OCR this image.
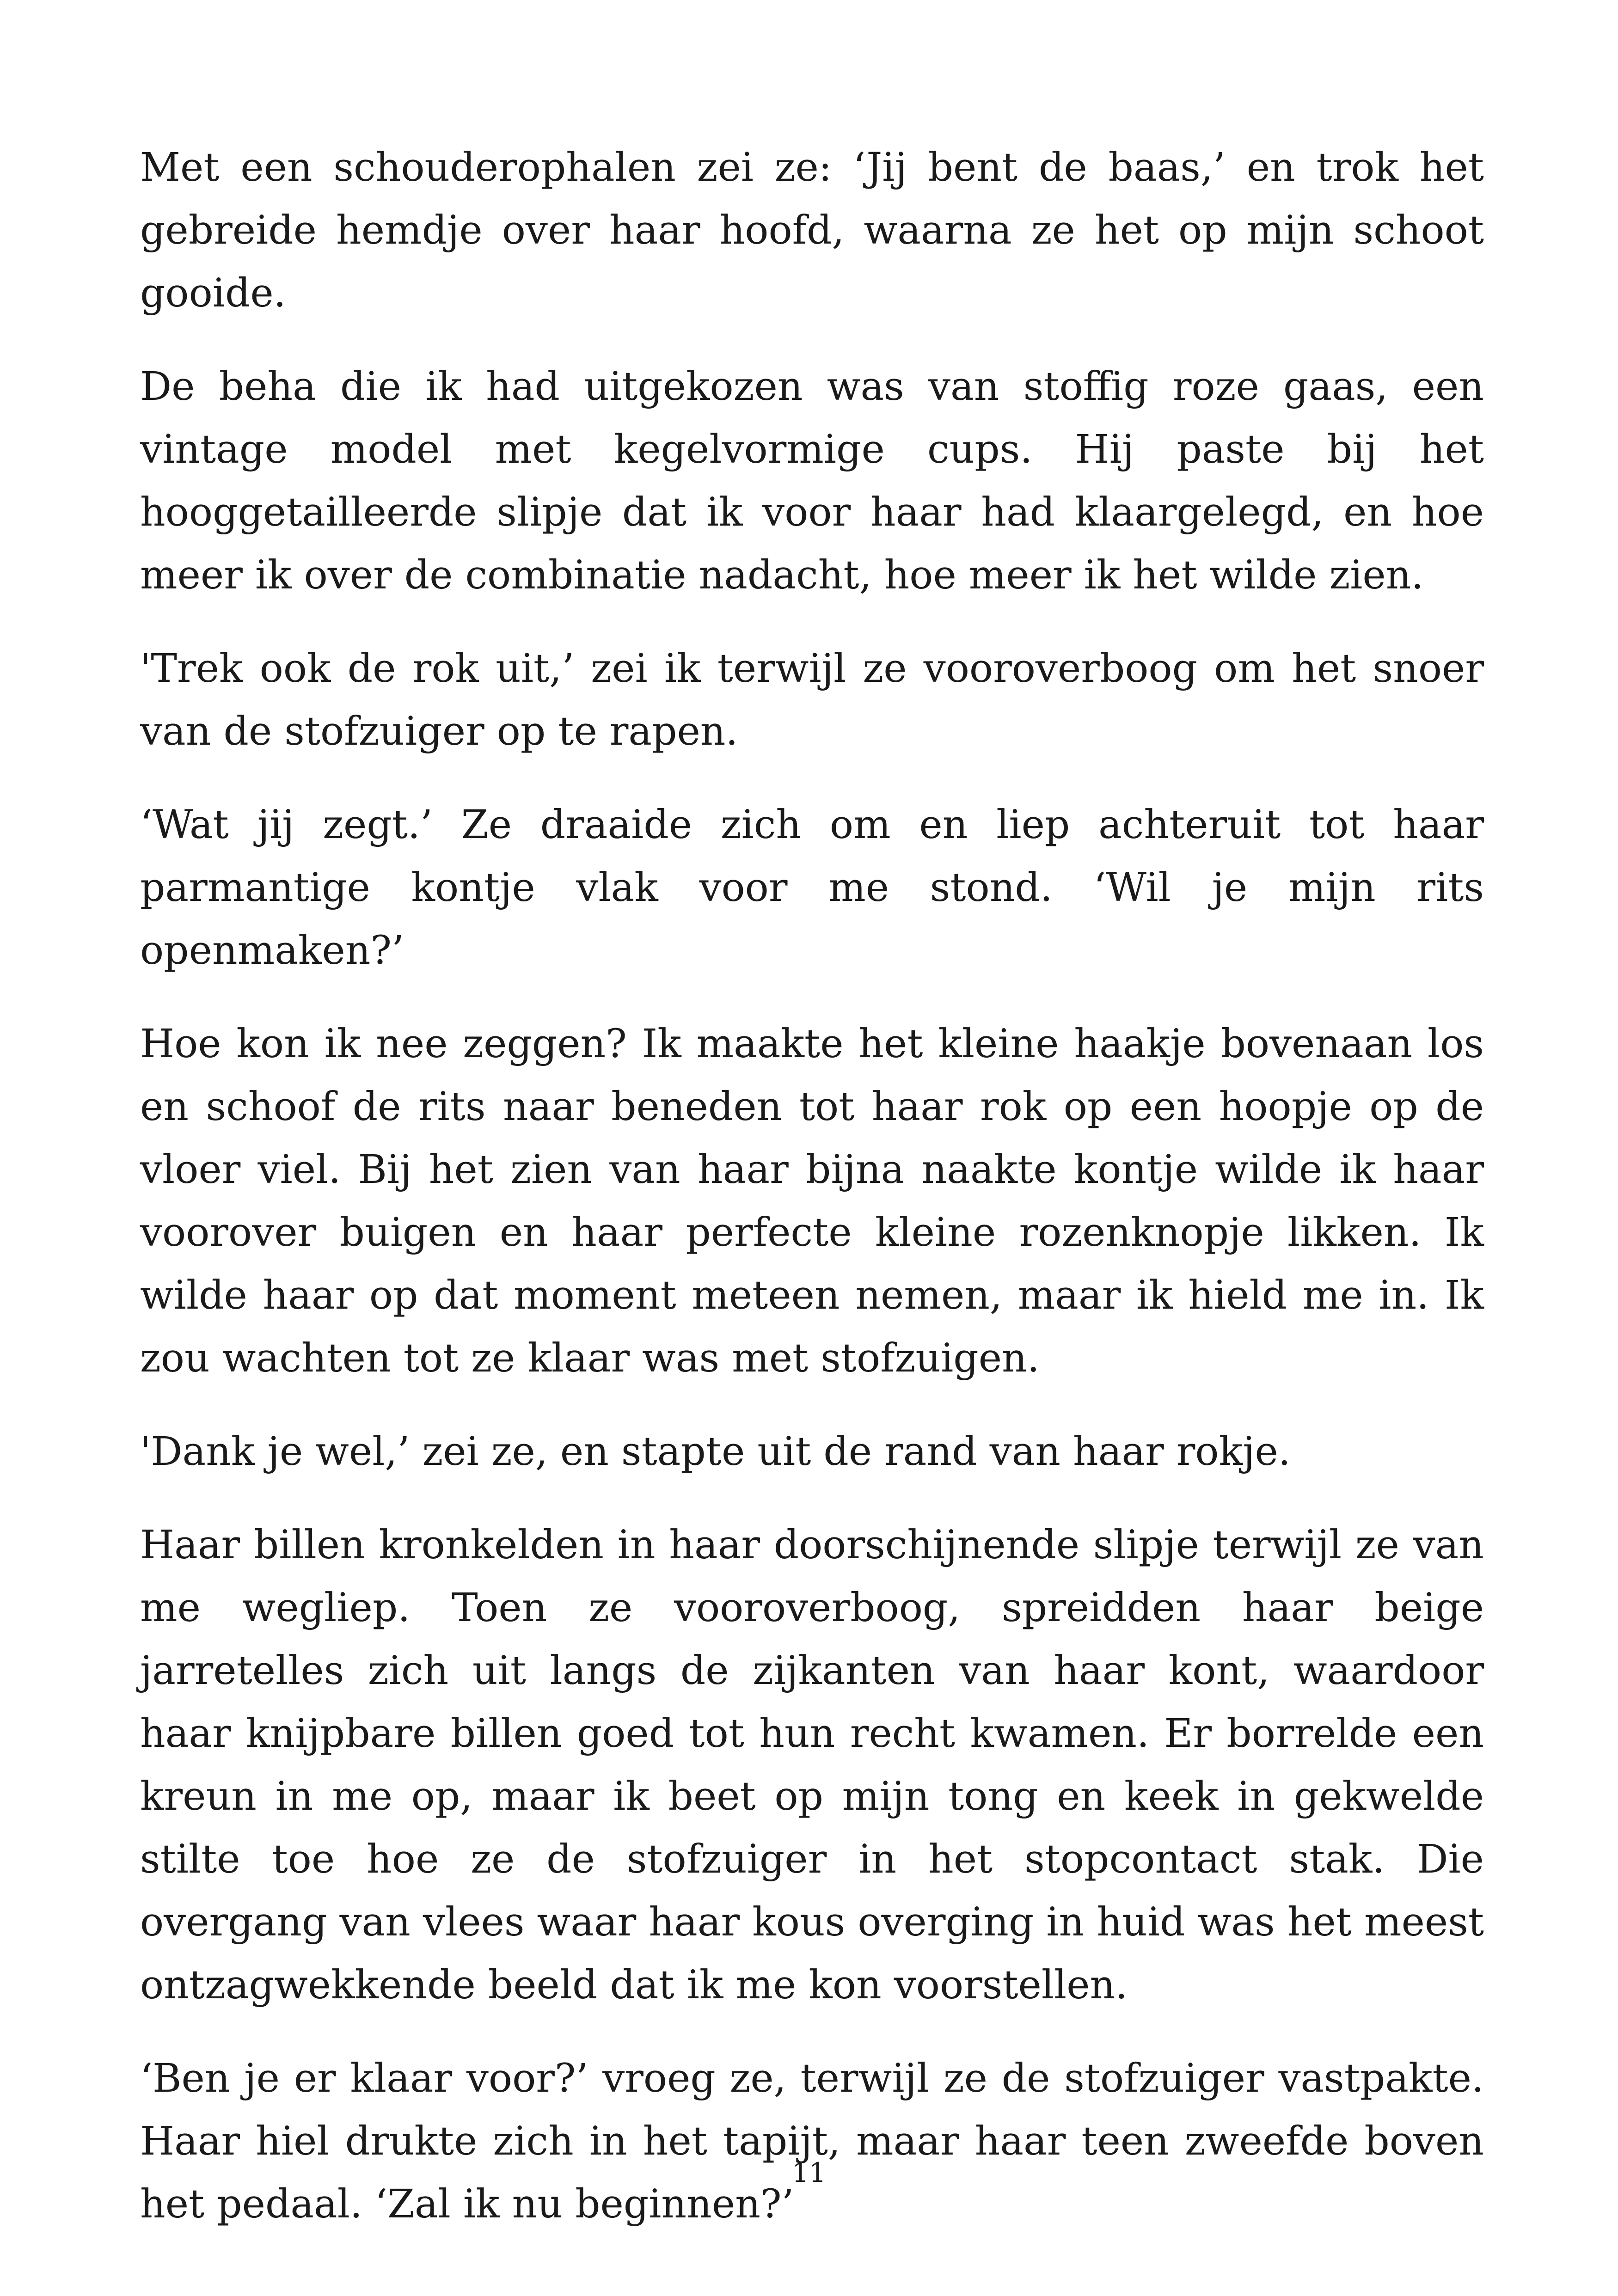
Met een schouderophalen zei ze: ‘Jij bent de baas,’ en trok het gebreide hemdje over haar hoofd, waarna ze het op mijn schoot gooide.

De beha die ik had uitgekozen was van stoffig roze gaas, een vintage model met kegelvormige cups. Hij paste bij het hooggetailleerde slipje dat ik voor haar had klaargelegd, en hoe meer ik over de combinatie nadacht, hoe meer ik het wilde zien.

'Trek ook de rok uit,’ zei ik terwijl ze vooroverboog om het snoer van de stofzuiger op te rapen.

‘Wat jij zegt.’ Ze draaide zich om en liep achteruit tot haar parmantige kontje vlak voor me stond. ‘Wil je mijn rits openmaken?’

Hoe kon ik nee zeggen? Ik maakte het kleine haakje bovenaan los en schoof de rits naar beneden tot haar rok op een hoopje op de vloer viel. Bij het zien van haar bijna naakte kontje wilde ik haar voorover buigen en haar perfecte kleine rozenknopje likken. Ik wilde haar op dat moment meteen nemen, maar ik hield me in. Ik zou wachten tot ze klaar was met stofzuigen.

'Dank je wel,’ zei ze, en stapte uit de rand van haar rokje.

Haar billen kronkelden in haar doorschijnende slipje terwijl ze van me wegliep. Toen ze vooroverboog, spreidden haar beige jarretelles zich uit langs de zijkanten van haar kont, waardoor haar knijpbare billen goed tot hun recht kwamen. Er borrelde een kreun in me op, maar ik beet op mijn tong en keek in gekwelde stilte toe hoe ze de stofzuiger in het stopcontact stak. Die overgang van vlees waar haar kous overging in huid was het meest ontzagwekkende beeld dat ik me kon voorstellen.

‘Ben je er klaar voor?’ vroeg ze, terwijl ze de stofzuiger vastpakte. Haar hiel drukte zich in het tapijt, maar haar teen zweefde boven het pedaal. ‘Zal ik nu beginnen?’

11
